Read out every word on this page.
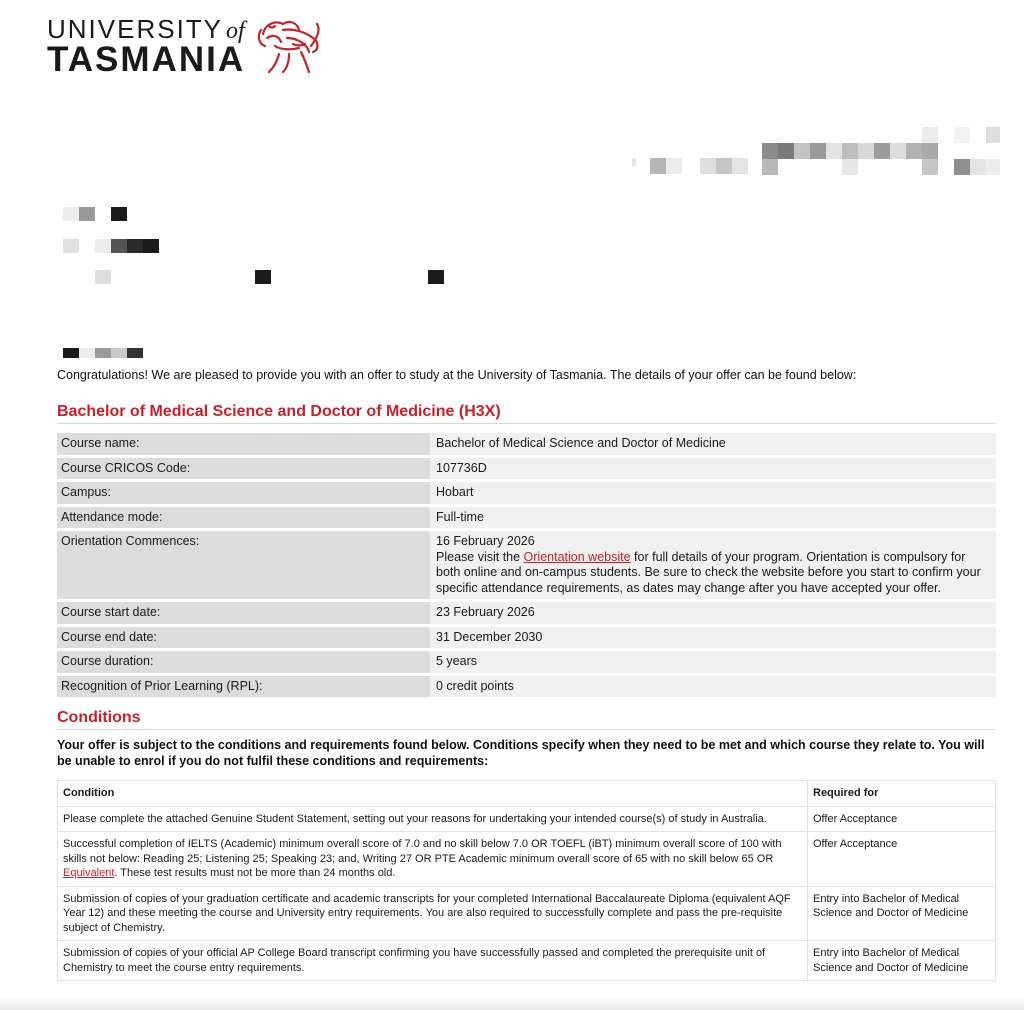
UNIVERSITY of
TASMANIA
Congratulations! We are pleased to provide you with an offer to study at the University of Tasmania. The details of your offer can be found below:
Bachelor of Medical Science and Doctor of Medicine (H3X)
Course name:	Bachelor of Medical Science and Doctor of Medicine
Course CRICOS Code:	107736D
Campus:	Hobart
Attendance mode:	Full-time
Orientation Commences:	16 February 2026
Please visit the Orientation website for full details of your program. Orientation is compulsory for both online and on-campus students. Be sure to check the website before you start to confirm your specific attendance requirements, as dates may change after you have accepted your offer.

Course start date:	23 February 2026
Course end date:	31 December 2030
Course duration:	5 years
Recognition of Prior Learning (RPL):	0 credit points
Conditions
Your offer is subject to the conditions and requirements found below. Conditions specify when they need to be met and which course they relate to. You will be unable to enrol if you do not fulfil these conditions and requirements:
Condition	Required for
Please complete the attached Genuine Student Statement, setting out your reasons for undertaking your intended course(s) of study in Australia.	Offer Acceptance
Successful completion of IELTS (Academic) minimum overall score of 7.0 and no skill below 7.0 OR TOEFL (iBT) minimum overall score of 100 with skills not below: Reading 25; Listening 25; Speaking 23; and, Writing 27 OR PTE Academic minimum overall score of 65 with no skill below 65 OR Equivalent. These test results must not be more than 24 months old.	Offer Acceptance
Submission of copies of your graduation certificate and academic transcripts for your completed International Baccalaureate Diploma (equivalent AQF Year 12) and these meeting the course and University entry requirements. You are also required to successfully complete and pass the pre-requisite subject of Chemistry.	Entry into Bachelor of Medical Science and Doctor of Medicine
Submission of copies of your official AP College Board transcript confirming you have successfully passed and completed the prerequisite unit of Chemistry to meet the course entry requirements.	Entry into Bachelor of Medical Science and Doctor of Medicine
